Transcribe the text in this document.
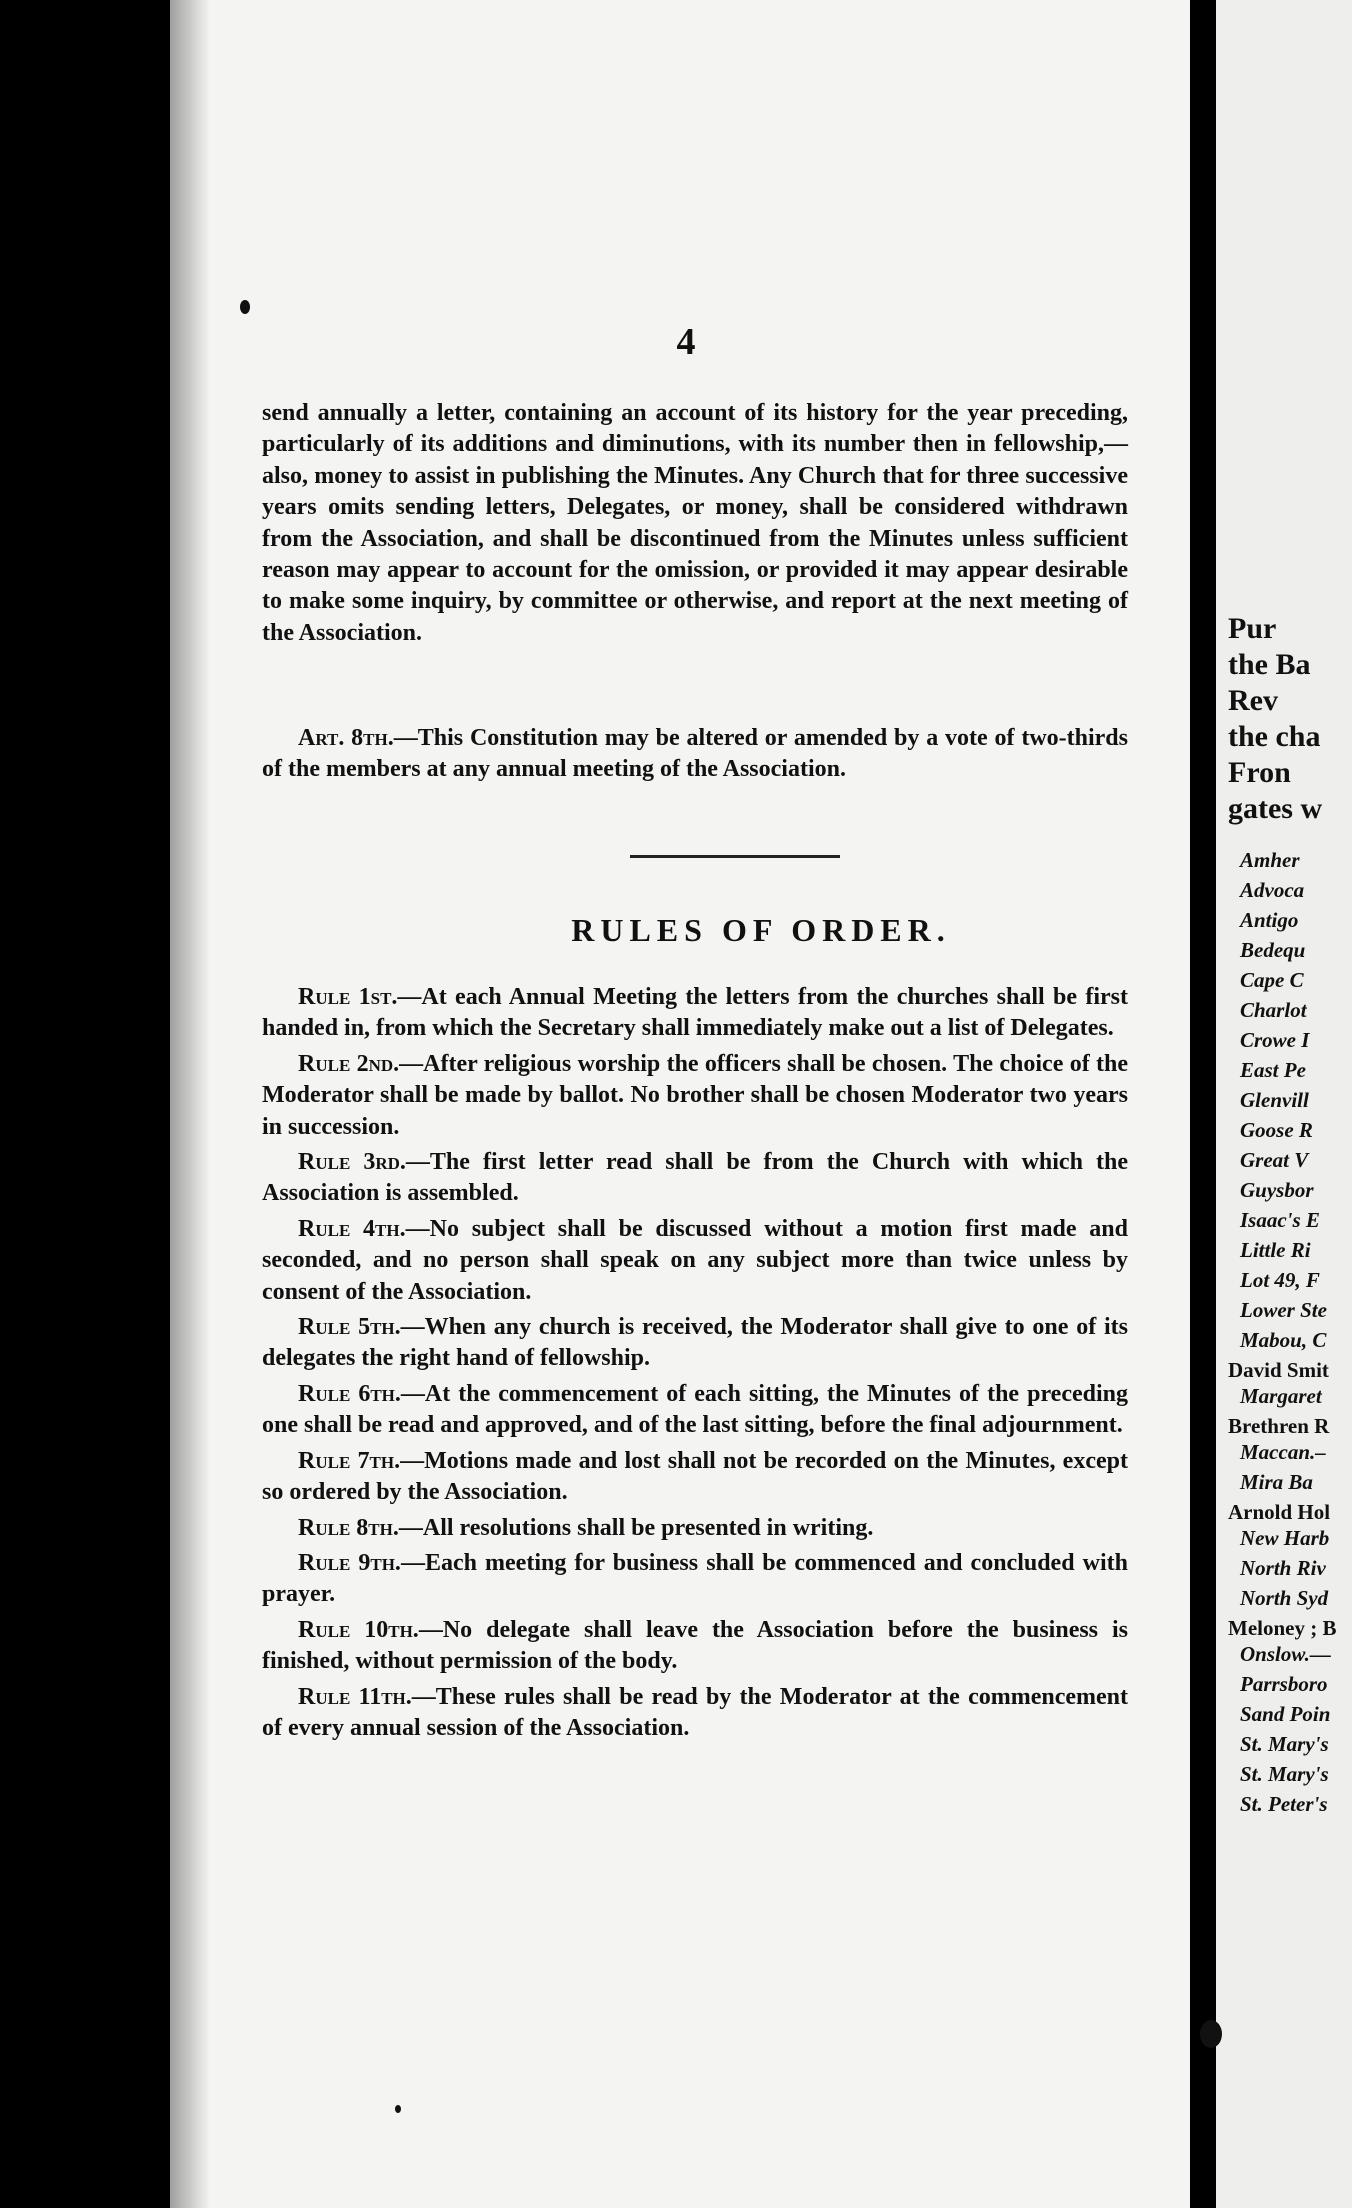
Pur
the Ba
Rev
the cha
Fron
gates w
Amher
Advoca
Antigo
Bedequ
Cape C
Charlot
Crowe I
East Pe
Glenvill
Goose R
Great V
Guysbor
Isaac's E
Little Ri
Lot 49, F
Lower Ste
Mabou, C
David Smit
Margaret
Brethren R
Maccan.–
Mira Ba
Arnold Hol
New Harb
North Riv
North Syd
Meloney ; B
Onslow.—
Parrsboro
Sand Poin
St. Mary's
St. Mary's
St. Peter's
4

send annually a letter, containing an account of its history for the year preceding, particularly of its additions and diminutions, with its number then in fellowship,—also, money to assist in publishing the Minutes. Any Church that for three successive years omits sending letters, Delegates, or money, shall be considered withdrawn from the Association, and shall be discontinued from the Minutes unless sufficient reason may appear to account for the omission, or provided it may appear desirable to make some inquiry, by committee or otherwise, and report at the next meeting of the Association.

Art. 8th.—This Constitution may be altered or amended by a vote of two-thirds of the members at any annual meeting of the Association.
RULES OF ORDER.

Rule 1st.—At each Annual Meeting the letters from the churches shall be first handed in, from which the Secretary shall immediately make out a list of Delegates.

Rule 2nd.—After religious worship the officers shall be chosen. The choice of the Moderator shall be made by ballot. No brother shall be chosen Moderator two years in succession.

Rule 3rd.—The first letter read shall be from the Church with which the Association is assembled.

Rule 4th.—No subject shall be discussed without a motion first made and seconded, and no person shall speak on any subject more than twice unless by consent of the Association.

Rule 5th.—When any church is received, the Moderator shall give to one of its delegates the right hand of fellowship.

Rule 6th.—At the commencement of each sitting, the Minutes of the preceding one shall be read and approved, and of the last sitting, before the final adjournment.

Rule 7th.—Motions made and lost shall not be recorded on the Minutes, except so ordered by the Association.

Rule 8th.—All resolutions shall be presented in writing.

Rule 9th.—Each meeting for business shall be commenced and concluded with prayer.

Rule 10th.—No delegate shall leave the Association before the business is finished, without permission of the body.

Rule 11th.—These rules shall be read by the Moderator at the commencement of every annual session of the Association.
